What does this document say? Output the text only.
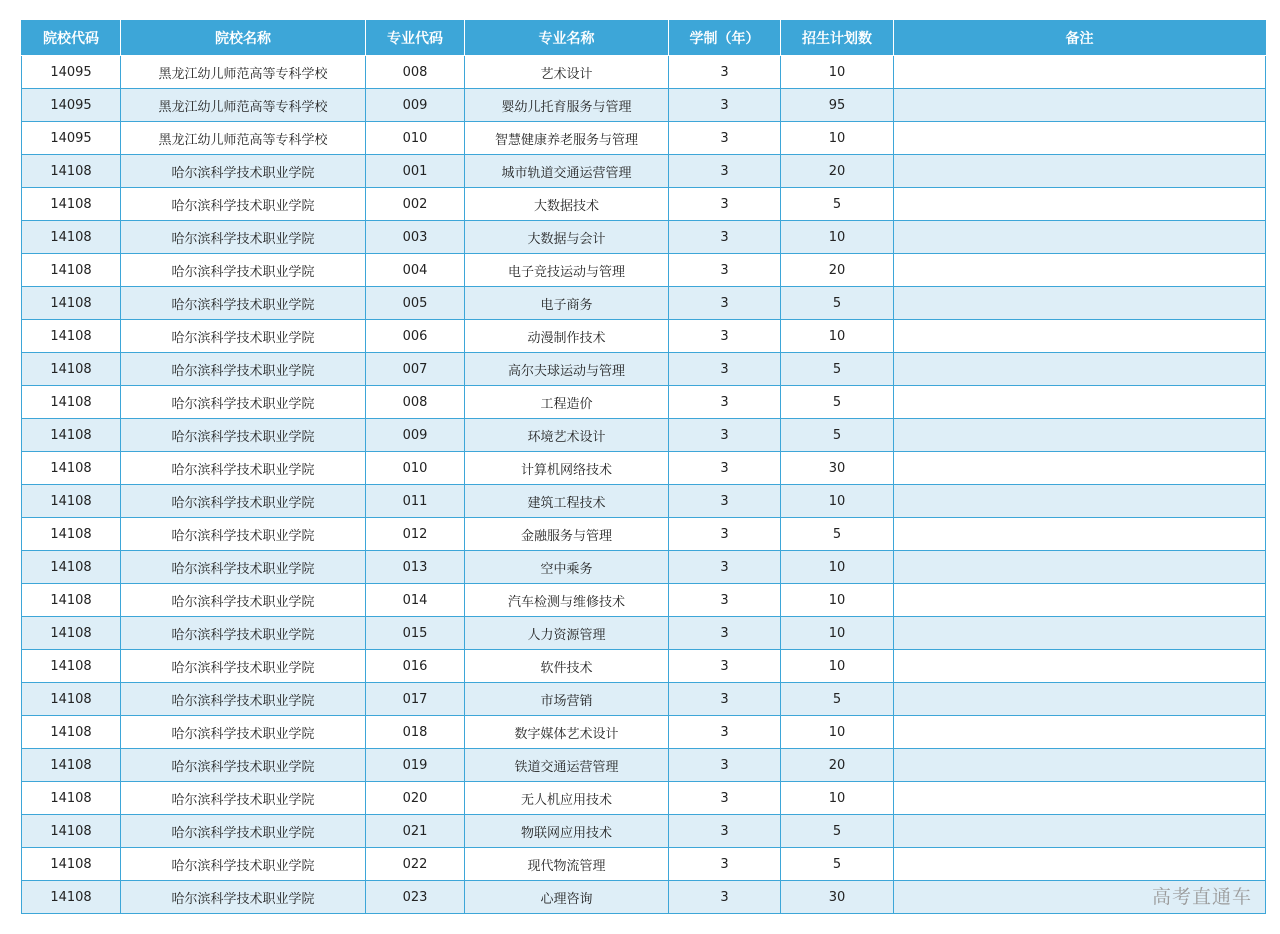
院校代码	院校名称	专业代码	专业名称	学制（年）	招生计划数	备注
14095	黑龙江幼儿师范高等专科学校	008	艺术设计	3	10	
14095	黑龙江幼儿师范高等专科学校	009	婴幼儿托育服务与管理	3	95	
14095	黑龙江幼儿师范高等专科学校	010	智慧健康养老服务与管理	3	10	
14108	哈尔滨科学技术职业学院	001	城市轨道交通运营管理	3	20	
14108	哈尔滨科学技术职业学院	002	大数据技术	3	5	
14108	哈尔滨科学技术职业学院	003	大数据与会计	3	10	
14108	哈尔滨科学技术职业学院	004	电子竞技运动与管理	3	20	
14108	哈尔滨科学技术职业学院	005	电子商务	3	5	
14108	哈尔滨科学技术职业学院	006	动漫制作技术	3	10	
14108	哈尔滨科学技术职业学院	007	高尔夫球运动与管理	3	5	
14108	哈尔滨科学技术职业学院	008	工程造价	3	5	
14108	哈尔滨科学技术职业学院	009	环境艺术设计	3	5	
14108	哈尔滨科学技术职业学院	010	计算机网络技术	3	30	
14108	哈尔滨科学技术职业学院	011	建筑工程技术	3	10	
14108	哈尔滨科学技术职业学院	012	金融服务与管理	3	5	
14108	哈尔滨科学技术职业学院	013	空中乘务	3	10	
14108	哈尔滨科学技术职业学院	014	汽车检测与维修技术	3	10	
14108	哈尔滨科学技术职业学院	015	人力资源管理	3	10	
14108	哈尔滨科学技术职业学院	016	软件技术	3	10	
14108	哈尔滨科学技术职业学院	017	市场营销	3	5	
14108	哈尔滨科学技术职业学院	018	数字媒体艺术设计	3	10	
14108	哈尔滨科学技术职业学院	019	铁道交通运营管理	3	20	
14108	哈尔滨科学技术职业学院	020	无人机应用技术	3	10	
14108	哈尔滨科学技术职业学院	021	物联网应用技术	3	5	
14108	哈尔滨科学技术职业学院	022	现代物流管理	3	5	
14108	哈尔滨科学技术职业学院	023	心理咨询	3	30		高考直通车
